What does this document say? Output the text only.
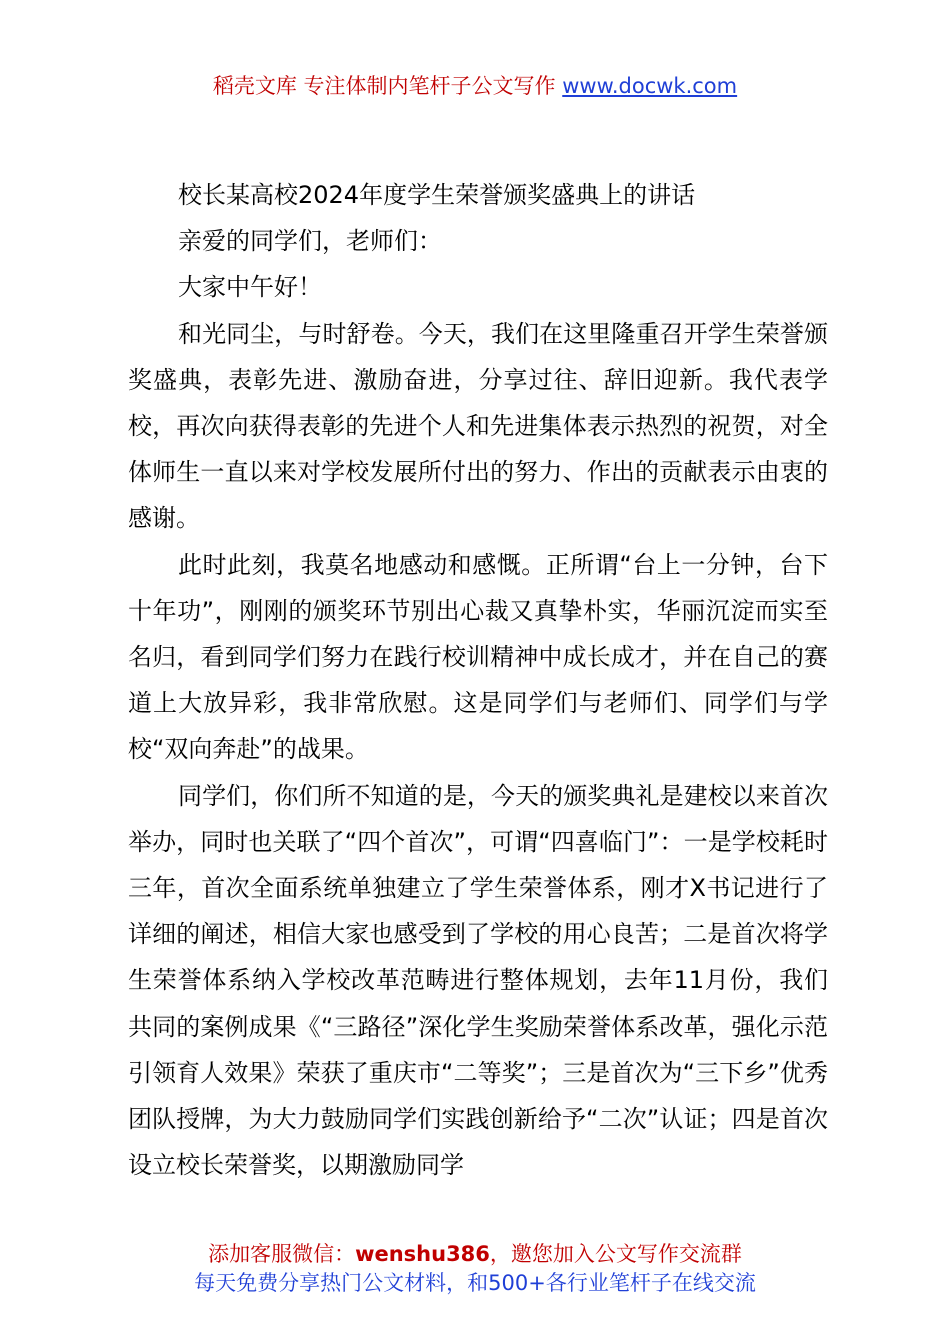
稻壳文库 专注体制内笔杆子公文写作 www.docwk.com

校长某高校2024年度学生荣誉颁奖盛典上的讲话

亲爱的同学们，老师们：

大家中午好！

和光同尘，与时舒卷。今天，我们在这里隆重召开学生荣誉颁奖盛典，表彰先进、激励奋进，分享过往、辞旧迎新。我代表学校，再次向获得表彰的先进个人和先进集体表示热烈的祝贺，对全体师生一直以来对学校发展所付出的努力、作出的贡献表示由衷的感谢。

此时此刻，我莫名地感动和感慨。正所谓“台上一分钟，台下十年功”，刚刚的颁奖环节别出心裁又真挚朴实，华丽沉淀而实至名归，看到同学们努力在践行校训精神中成长成才，并在自己的赛道上大放异彩，我非常欣慰。这是同学们与老师们、同学们与学校“双向奔赴”的战果。

同学们，你们所不知道的是，今天的颁奖典礼是建校以来首次举办，同时也关联了“四个首次”，可谓“四喜临门”：一是学校耗时三年，首次全面系统单独建立了学生荣誉体系，刚才X书记进行了详细的阐述，相信大家也感受到了学校的用心良苦；二是首次将学生荣誉体系纳入学校改革范畴进行整体规划，去年11月份，我们共同的案例成果《“三路径”深化学生奖励荣誉体系改革，强化示范引领育人效果》荣获了重庆市“二等奖”；三是首次为“三下乡”优秀团队授牌，为大力鼓励同学们实践创新给予“二次”认证；四是首次设立校长荣誉奖，以期激励同学

添加客服微信：wenshu386，邀您加入公文写作交流群
每天免费分享热门公文材料，和500+各行业笔杆子在线交流
